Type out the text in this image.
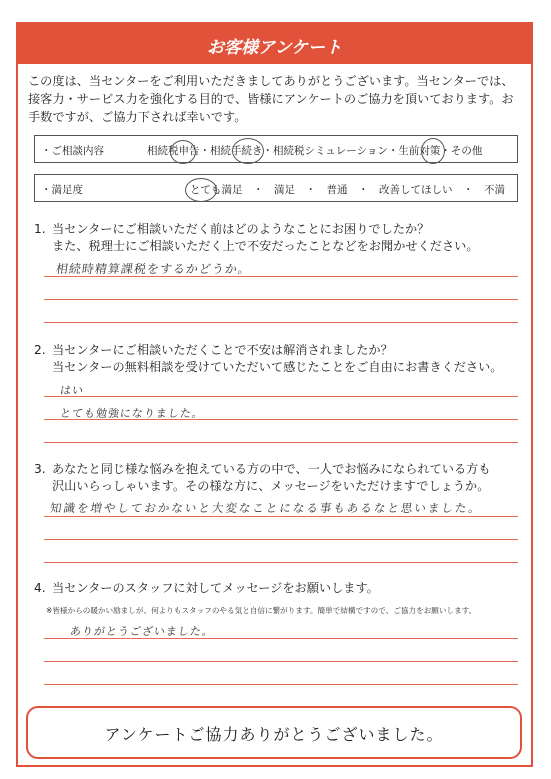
お客様アンケート
この度は、当センターをご利用いただきましてありがとうございます。当センターでは、接客力・サービス力を強化する目的で、皆様にアンケートのご協力を頂いております。お手数ですが、ご協力下されば幸いです。
・ご相談内容	相続税申告・相続手続き・相続税シミュレーション・生前対策・その他
・満足度	とても満足　・　満足　・　普通　・　改善してほしい　・　不満
1. 当センターにご相談いただく前はどのようなことにお困りでしたか？
また、税理士にご相談いただく上で不安だったことなどをお聞かせください。
相続時精算課税をするかどうか。
2. 当センターにご相談いただくことで不安は解消されましたか？
当センターの無料相談を受けていただいて感じたことをご自由にお書きください。
はい
とても勉強になりました。
3. あなたと同じ様な悩みを抱えている方の中で、一人でお悩みになられている方も
沢山いらっしゃいます。その様な方に、メッセージをいただけますでしょうか。
知識を増やしておかないと大変なことになる事もあるなと思いました。
4. 当センターのスタッフに対してメッセージをお願いします。
※皆様からの暖かい励ましが、何よりもスタッフのやる気と自信に繋がります。簡単で結構ですので、ご協力をお願いします。
ありがとうございました。
アンケートご協力ありがとうございました。
